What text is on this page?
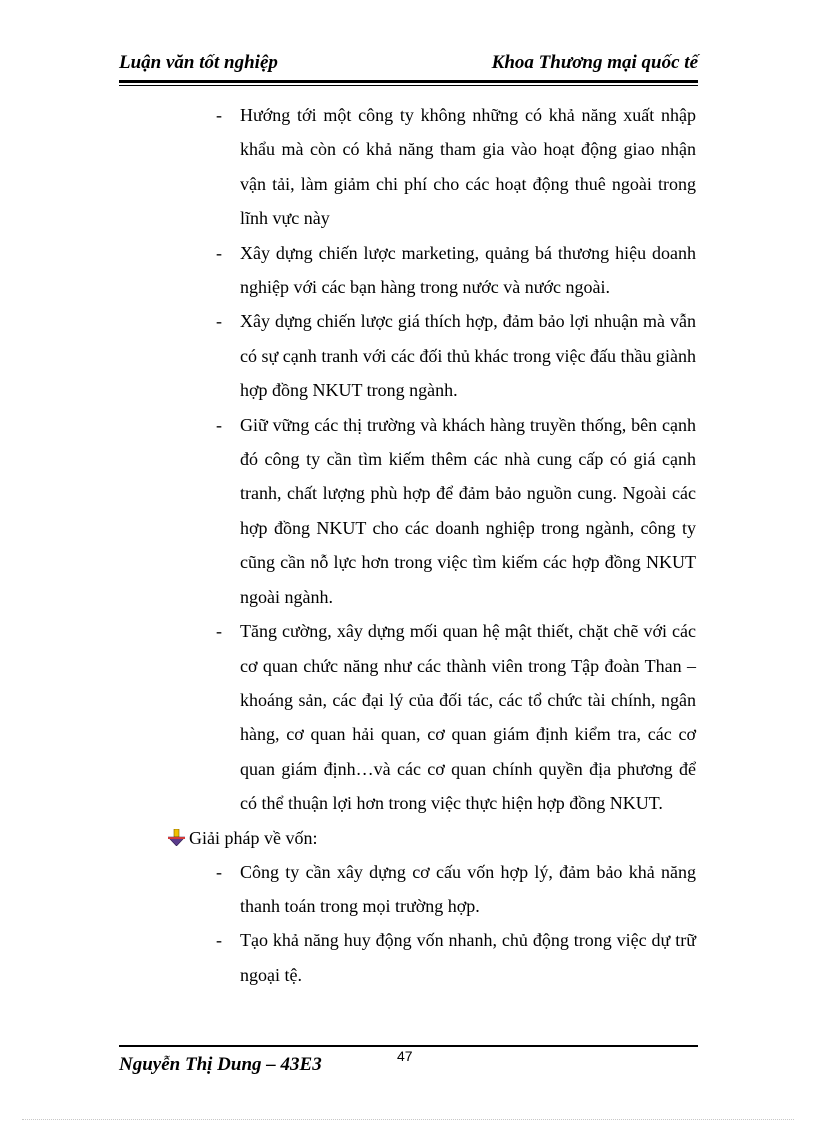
Luận văn tốt nghiệp	Khoa Thương mại quốc tế
- Hướng tới một công ty không những có khả năng xuất nhập khẩu mà còn có khả năng tham gia vào hoạt động giao nhận vận tải, làm giảm chi phí cho các hoạt động thuê ngoài trong lĩnh vực này
- Xây dựng chiến lược marketing, quảng bá thương hiệu doanh nghiệp với các bạn hàng trong nước và nước ngoài.
- Xây dựng chiến lược giá thích hợp, đảm bảo lợi nhuận mà vẫn có sự cạnh tranh với các đối thủ khác trong việc đấu thầu giành hợp đồng NKUT trong ngành.
- Giữ vững các thị trường và khách hàng truyền thống, bên cạnh đó công ty cần tìm kiếm thêm các nhà cung cấp có giá cạnh tranh, chất lượng phù hợp để đảm bảo nguồn cung. Ngoài các hợp đồng NKUT cho các doanh nghiệp trong ngành, công ty cũng cần nỗ lực hơn trong việc tìm kiếm các hợp đồng NKUT ngoài ngành.
- Tăng cường, xây dựng mối quan hệ mật thiết, chặt chẽ với các cơ quan chức năng như các thành viên trong Tập đoàn Than – khoáng sản, các đại lý của đối tác, các tổ chức tài chính, ngân hàng, cơ quan hải quan, cơ quan giám định kiểm tra, các cơ quan giám định…và các cơ quan chính quyền địa phương để có thể thuận lợi hơn trong việc thực hiện hợp đồng NKUT.
Giải pháp về vốn:
- Công ty cần xây dựng cơ cấu vốn hợp lý, đảm bảo khả năng thanh toán trong mọi trường hợp.
- Tạo khả năng huy động vốn nhanh, chủ động trong việc dự trữ ngoại tệ.
Nguyễn Thị Dung – 43E3	47
